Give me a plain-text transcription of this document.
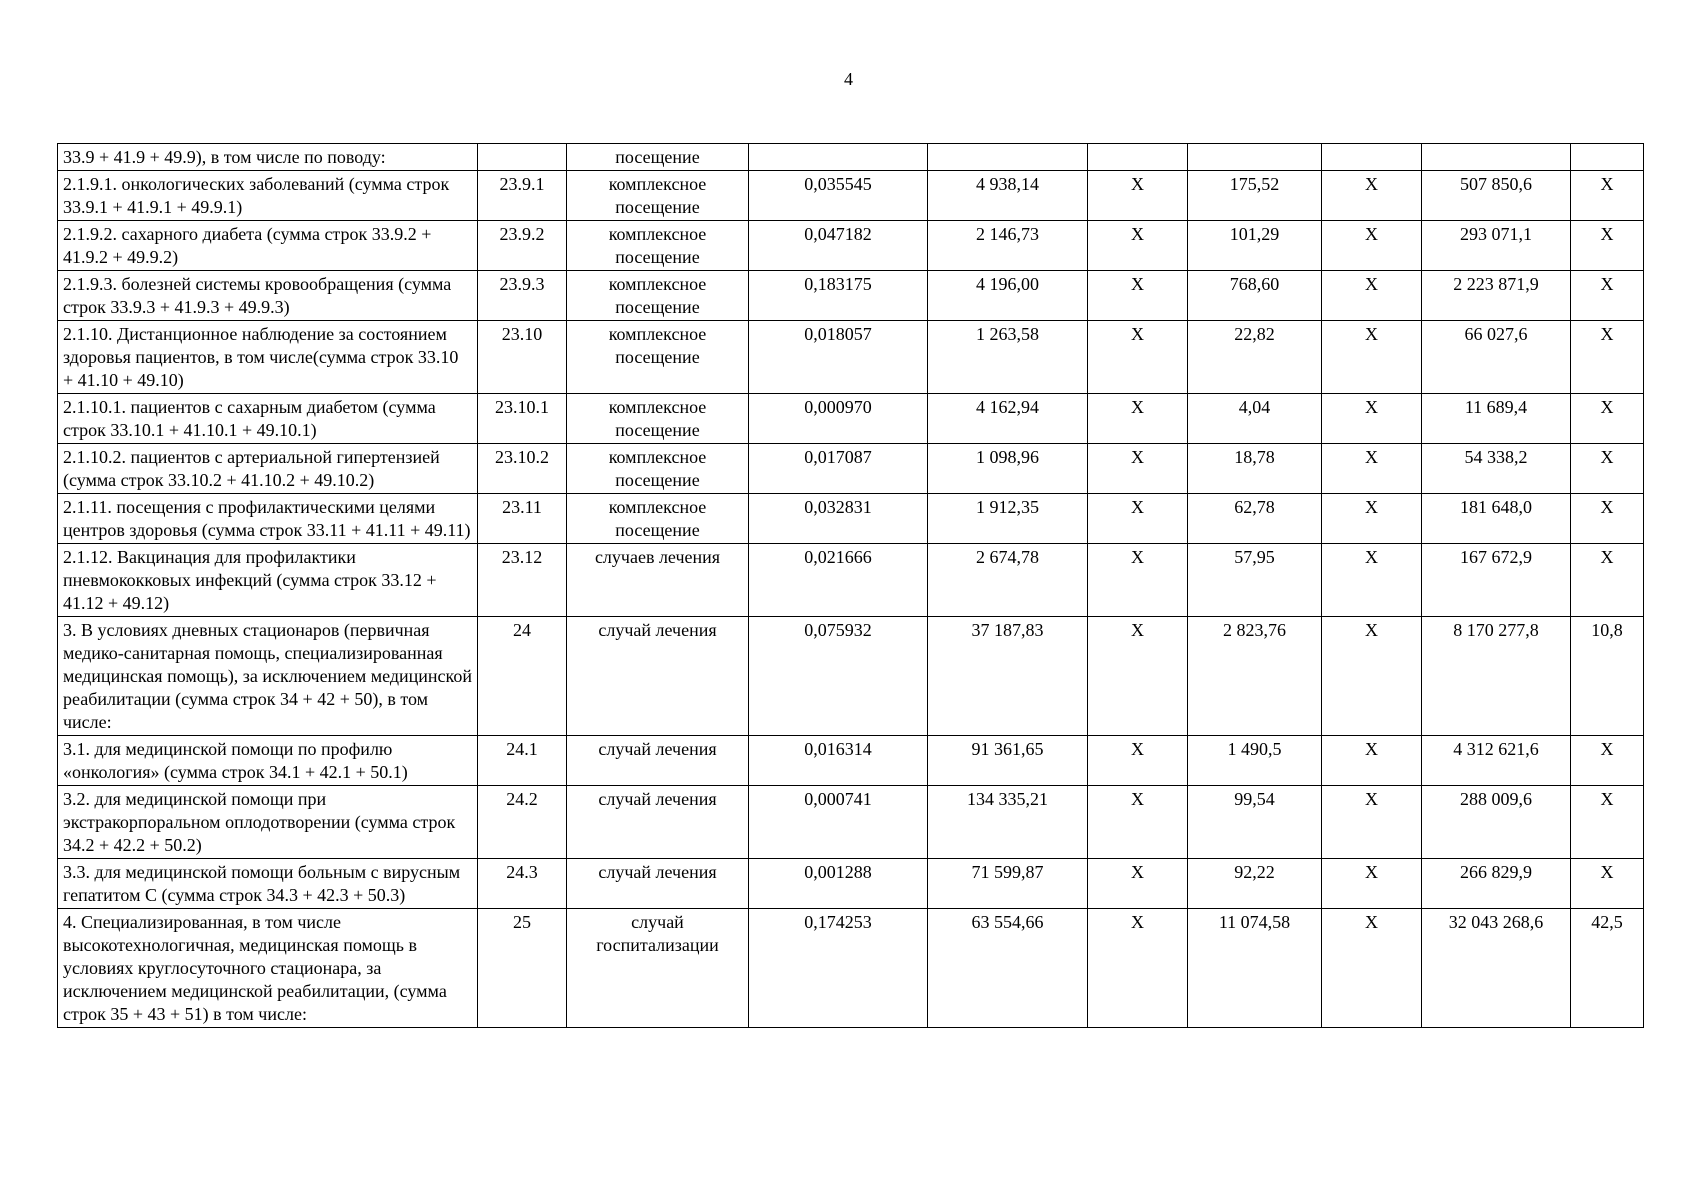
4
33.9 + 41.9 + 49.9), в том числе по поводу:		посещение							
2.1.9.1. онкологических заболеваний (сумма строк 33.9.1 + 41.9.1 + 49.9.1)	23.9.1	комплексное посещение	0,035545	4 938,14	X	175,52	X	507 850,6	X
2.1.9.2. сахарного диабета (сумма строк 33.9.2 + 41.9.2 + 49.9.2)	23.9.2	комплексное посещение	0,047182	2 146,73	X	101,29	X	293 071,1	X
2.1.9.3. болезней системы кровообращения (сумма строк 33.9.3 + 41.9.3 + 49.9.3)	23.9.3	комплексное посещение	0,183175	4 196,00	X	768,60	X	2 223 871,9	X
2.1.10. Дистанционное наблюдение за состоянием здоровья пациентов, в том числе(сумма строк 33.10 + 41.10 + 49.10)	23.10	комплексное посещение	0,018057	1 263,58	X	22,82	X	66 027,6	X
2.1.10.1. пациентов с сахарным диабетом (сумма строк 33.10.1 + 41.10.1 + 49.10.1)	23.10.1	комплексное посещение	0,000970	4 162,94	X	4,04	X	11 689,4	X
2.1.10.2. пациентов с артериальной гипертензией (сумма строк 33.10.2 + 41.10.2 + 49.10.2)	23.10.2	комплексное посещение	0,017087	1 098,96	X	18,78	X	54 338,2	X
2.1.11. посещения с профилактическими целями центров здоровья (сумма строк 33.11 + 41.11 + 49.11)	23.11	комплексное посещение	0,032831	1 912,35	X	62,78	X	181 648,0	X
2.1.12. Вакцинация для профилактики пневмококковых инфекций (сумма строк 33.12 + 41.12 + 49.12)	23.12	случаев лечения	0,021666	2 674,78	X	57,95	X	167 672,9	X
3. В условиях дневных стационаров (первичная медико-санитарная помощь, специализированная медицинская помощь), за исключением медицинской реабилитации (сумма строк 34 + 42 + 50), в том числе:	24	случай лечения	0,075932	37 187,83	X	2 823,76	X	8 170 277,8	10,8
3.1. для медицинской помощи по профилю «онкология» (сумма строк 34.1 + 42.1 + 50.1)	24.1	случай лечения	0,016314	91 361,65	X	1 490,5	X	4 312 621,6	X
3.2. для медицинской помощи при экстракорпоральном оплодотворении (сумма строк 34.2 + 42.2 + 50.2)	24.2	случай лечения	0,000741	134 335,21	X	99,54	X	288 009,6	X
3.3. для медицинской помощи больным с вирусным гепатитом С (сумма строк 34.3 + 42.3 + 50.3)	24.3	случай лечения	0,001288	71 599,87	X	92,22	X	266 829,9	X
4. Специализированная, в том числе высокотехнологичная, медицинская помощь в условиях круглосуточного стационара, за исключением медицинской реабилитации, (сумма строк 35 + 43 + 51) в том числе:	25	случай госпитализации	0,174253	63 554,66	X	11 074,58	X	32 043 268,6	42,5
